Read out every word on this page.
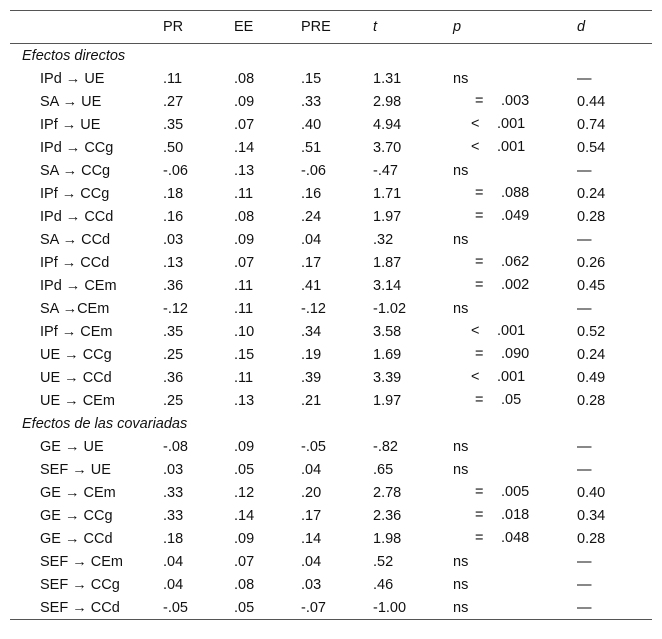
	PR	EE	PRE	t	p	d
Efectos directos						
IPd → UE	.11	.08	.15	1.31	ns	—
SA → UE	.27	.09	.33	2.98	= .003	0.44
IPf → UE	.35	.07	.40	4.94	< .001	0.74
IPd → CCg	.50	.14	.51	3.70	< .001	0.54
SA → CCg	-.06	.13	-.06	-.47	ns	—
IPf → CCg	.18	.11	.16	1.71	= .088	0.24
IPd → CCd	.16	.08	.24	1.97	= .049	0.28
SA → CCd	.03	.09	.04	.32	ns	—
IPf → CCd	.13	.07	.17	1.87	= .062	0.26
IPd → CEm	.36	.11	.41	3.14	= .002	0.45
SA →CEm	-.12	.11	-.12	-1.02	ns	—
IPf → CEm	.35	.10	.34	3.58	< .001	0.52
UE → CCg	.25	.15	.19	1.69	= .090	0.24
UE → CCd	.36	.11	.39	3.39	< .001	0.49
UE → CEm	.25	.13	.21	1.97	= .05	0.28
Efectos de las covariadas						
GE → UE	-.08	.09	-.05	-.82	ns	—
SEF → UE	.03	.05	.04	.65	ns	—
GE → CEm	.33	.12	.20	2.78	= .005	0.40
GE → CCg	.33	.14	.17	2.36	= .018	0.34
GE → CCd	.18	.09	.14	1.98	= .048	0.28
SEF → CEm	.04	.07	.04	.52	ns	—
SEF → CCg	.04	.08	.03	.46	ns	—
SEF → CCd	-.05	.05	-.07	-1.00	ns	—
